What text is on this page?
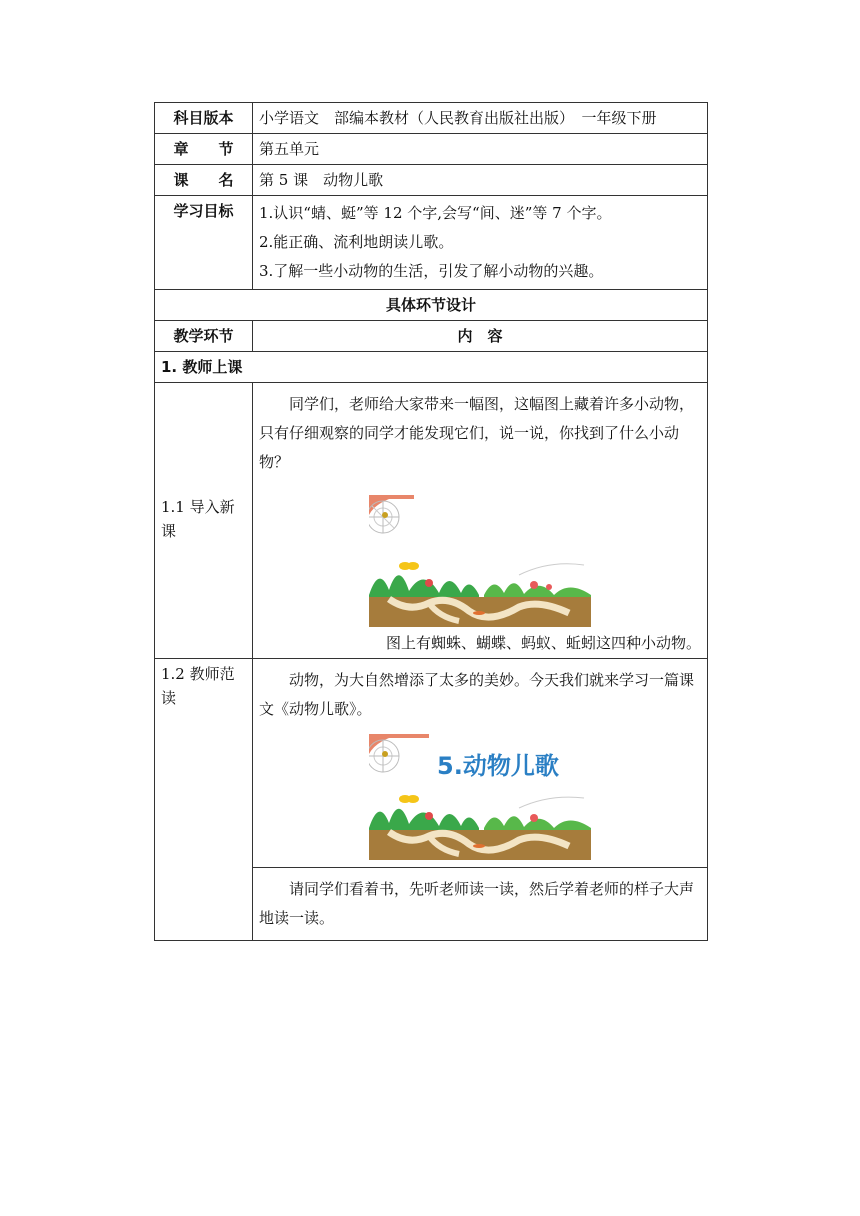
科目版本	小学语文　部编本教材（人民教育出版社出版）　一年级下册
章　　节	第五单元
课　　名	第 5 课　动物儿歌
学习目标	1.认识“蜻、蜓”等 12 个字,会写“间、迷”等 7 个字。
2.能正确、流利地朗读儿歌。
3.了解一些小动物的生活，引发了解小动物的兴趣。

具体环节设计	
教学环节	内　容
1. 教师上课	
1.1 导入新课	同学们，老师给大家带来一幅图，这幅图上藏着许多小动物，只有仔细观察的同学才能发现它们，说一说，你找到了什么小动物？
图上有蜘蛛、蝴蝶、蚂蚁、蚯蚓这四种小动物。

1.2 教师范读	动物，为大自然增添了太多的美妙。今天我们就来学习一篇课文《动物儿歌》。
5.动物儿歌

	请同学们看着书，先听老师读一读，然后学着老师的样子大声地读一读。
